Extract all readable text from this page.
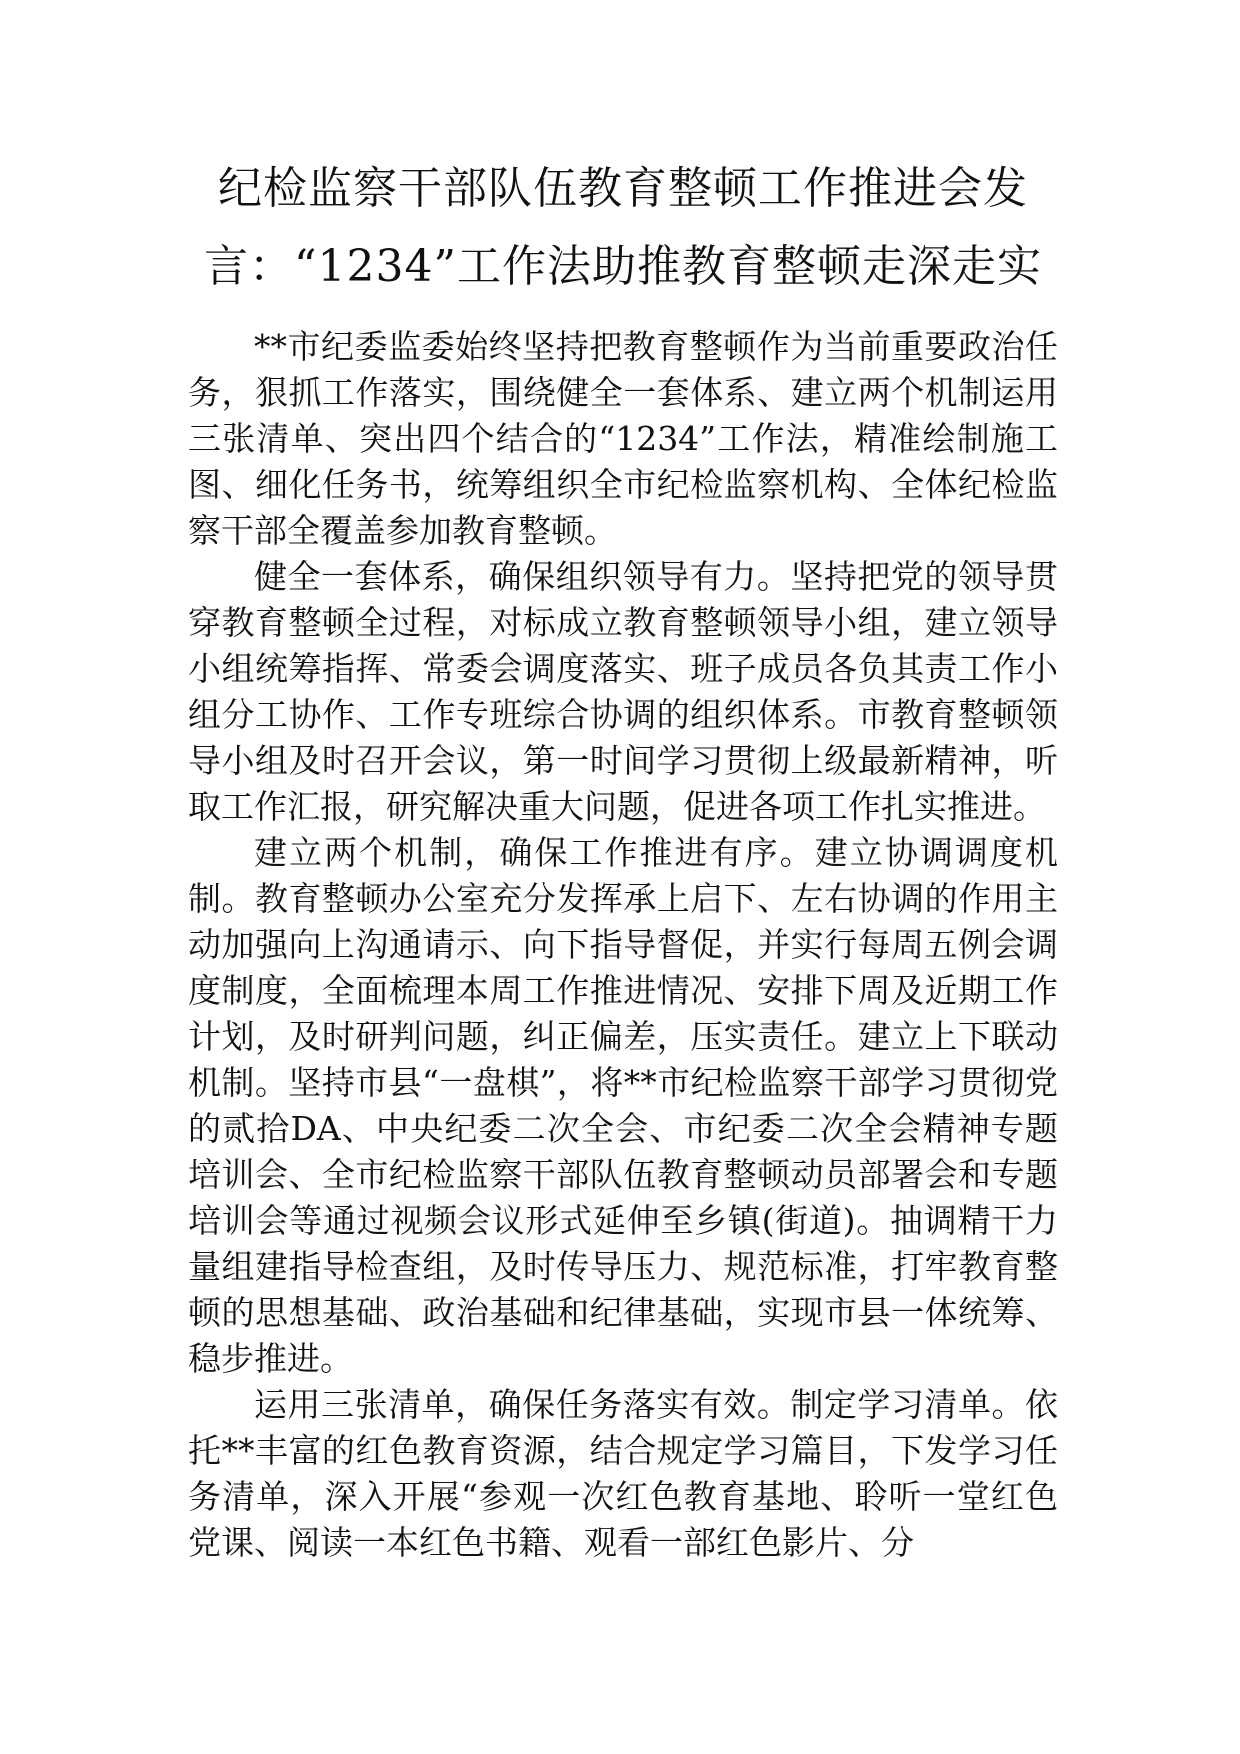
纪检监察干部队伍教育整顿工作推进会发
言：“1234”工作法助推教育整顿走深走实

**市纪委监委始终坚持把教育整顿作为当前重要政治任务，狠抓工作落实，围绕健全一套体系、建立两个机制运用三张清单、突出四个结合的“1234”工作法，精准绘制施工图、细化任务书，统筹组织全市纪检监察机构、全体纪检监察干部全覆盖参加教育整顿。

健全一套体系，确保组织领导有力。坚持把党的领导贯穿教育整顿全过程，对标成立教育整顿领导小组，建立领导小组统筹指挥、常委会调度落实、班子成员各负其责工作小组分工协作、工作专班综合协调的组织体系。市教育整顿领导小组及时召开会议，第一时间学习贯彻上级最新精神，听取工作汇报，研究解决重大问题，促进各项工作扎实推进。

建立两个机制，确保工作推进有序。建立协调调度机制。教育整顿办公室充分发挥承上启下、左右协调的作用主动加强向上沟通请示、向下指导督促，并实行每周五例会调度制度，全面梳理本周工作推进情况、安排下周及近期工作计划，及时研判问题，纠正偏差，压实责任。建立上下联动机制。坚持市县“一盘棋”，将**市纪检监察干部学习贯彻党的贰拾DA、中央纪委二次全会、市纪委二次全会精神专题培训会、全市纪检监察干部队伍教育整顿动员部署会和专题培训会等通过视频会议形式延伸至乡镇(街道)。抽调精干力量组建指导检查组，及时传导压力、规范标准，打牢教育整顿的思想基础、政治基础和纪律基础，实现市县一体统筹、稳步推进。

运用三张清单，确保任务落实有效。制定学习清单。依托**丰富的红色教育资源，结合规定学习篇目，下发学习任务清单，深入开展“参观一次红色教育基地、聆听一堂红色党课、阅读一本红色书籍、观看一部红色影片、分
